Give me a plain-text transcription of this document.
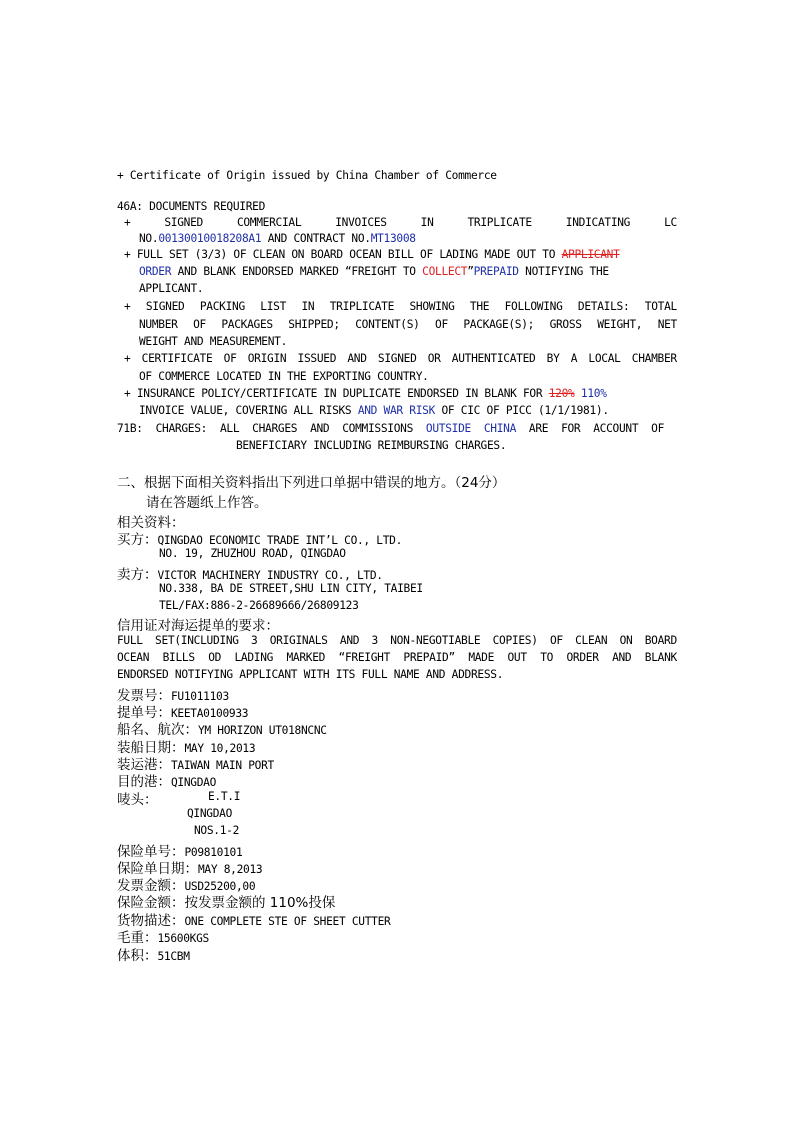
+ Certificate of Origin issued by China Chamber of Commerce
46A: DOCUMENTS REQUIRED
+	SIGNED	COMMERCIAL	INVOICES	IN	TRIPLICATE	INDICATING	LC
NO.00130010018208A1 AND CONTRACT NO.MT13008
+ FULL SET (3/3) OF CLEAN ON BOARD OCEAN BILL OF LADING MADE OUT TO APPLICANT
ORDER AND BLANK ENDORSED MARKED “FREIGHT TO COLLECT”PREPAID NOTIFYING THE
APPLICANT.
+ SIGNED PACKING LIST IN TRIPLICATE SHOWING THE FOLLOWING DETAILS: TOTAL
NUMBER OF PACKAGES SHIPPED; CONTENT(S) OF PACKAGE(S); GROSS WEIGHT, NET
WEIGHT AND MEASUREMENT.
+ CERTIFICATE OF ORIGIN ISSUED AND SIGNED OR AUTHENTICATED BY A LOCAL CHAMBER
OF COMMERCE LOCATED IN THE EXPORTING COUNTRY.
+ INSURANCE POLICY/CERTIFICATE IN DUPLICATE ENDORSED IN BLANK FOR 120% 110%
INVOICE VALUE, COVERING ALL RISKS AND WAR RISK OF CIC OF PICC (1/1/1981).
71B:  CHARGES:  ALL  CHARGES  AND  COMMISSIONS  OUTSIDE  CHINA  ARE  FOR  ACCOUNT  OF
BENEFICIARY INCLUDING REIMBURSING CHARGES.
二、根据下面相关资料指出下列进口单据中错误的地方。（24分）
请在答题纸上作答。
相关资料：
买方：QINGDAO ECONOMIC TRADE INT’L CO., LTD.
NO. 19, ZHUZHOU ROAD, QINGDAO
卖方：VICTOR MACHINERY INDUSTRY CO., LTD.
NO.338, BA DE STREET,SHU LIN CITY, TAIBEI
TEL/FAX:886-2-26689666/26809123
信用证对海运提单的要求：
FULL SET(INCLUDING 3 ORIGINALS AND 3 NON-NEGOTIABLE COPIES) OF CLEAN ON BOARD
OCEAN BILLS OD LADING MARKED “FREIGHT PREPAID” MADE OUT TO ORDER AND BLANK
ENDORSED NOTIFYING APPLICANT WITH ITS FULL NAME AND ADDRESS.
发票号：FU1011103
提单号：KEETA0100933
船名、航次：YM HORIZON UT018NCNC
装船日期：MAY 10,2013
装运港：TAIWAN MAIN PORT
目的港：QINGDAO
唛头：	E.T.I
QINGDAO
NOS.1-2
保险单号：P09810101
保险单日期：MAY 8,2013
发票金额：USD25200,00
保险金额：按发票金额的 110%投保
货物描述：ONE COMPLETE STE OF SHEET CUTTER
毛重：15600KGS
体积：51CBM
